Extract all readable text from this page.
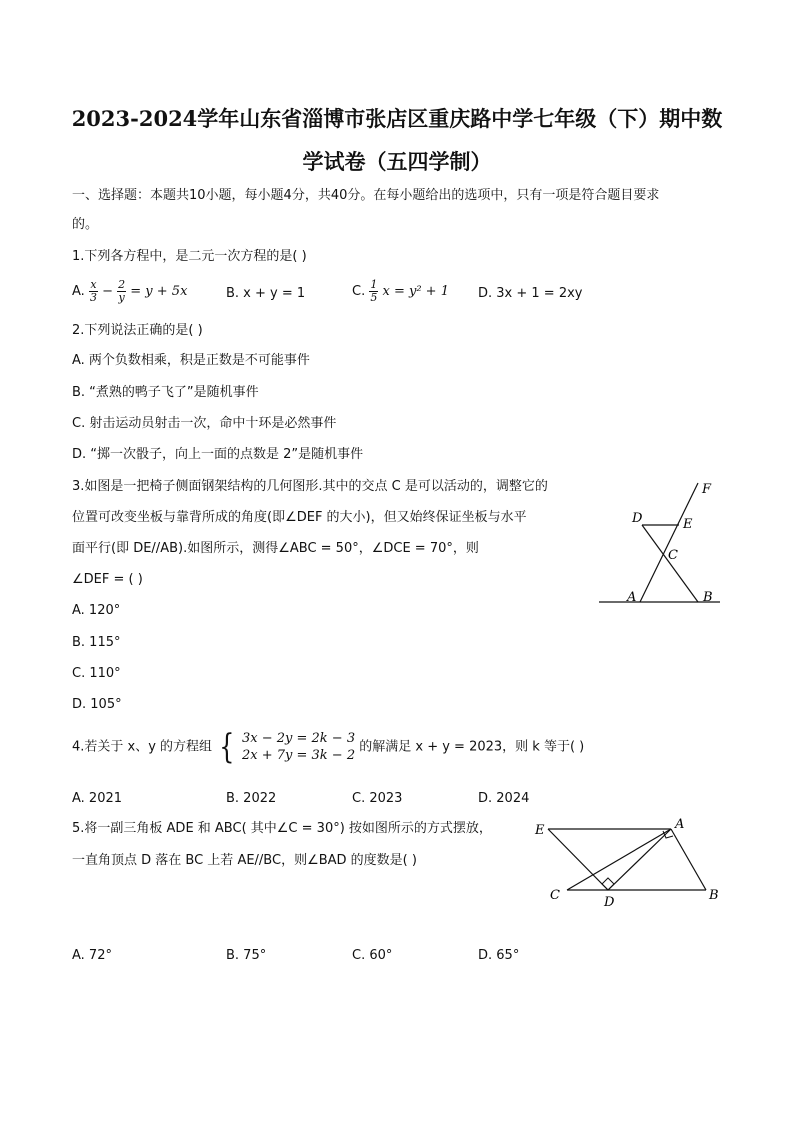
2023-2024学年山东省淄博市张店区重庆路中学七年级（下）期中数
学试卷（五四学制）
一、选择题：本题共10小题，每小题4分，共40分。在每小题给出的选项中，只有一项是符合题目要求
的。
1.下列各方程中，是二元一次方程的是( )
A. $\frac{x}{3} - \frac{2}{y} = y + 5x$	B. x + y = 1	C. $\frac{1}{5}$ x = y² + 1 D. 3x + 1 = 2xy
2.下列说法正确的是( )
A. 两个负数相乘，积是正数是不可能事件
B. “煮熟的鸭子飞了”是随机事件
C. 射击运动员射击一次，命中十环是必然事件
D. “掷一次骰子，向上一面的点数是 2”是随机事件
3.如图是一把椅子侧面钢架结构的几何图形.其中的交点 C 是可以活动的，调整它的
位置可改变坐板与靠背所成的角度(即∠DEF 的大小)，但又始终保证坐板与水平
面平行(即 DE//AB).如图所示，测得∠ABC = 50°，∠DCE = 70°，则
∠DEF = ( )
A. 120°
B. 115°
C. 110°
D. 105°
F
D	E
C
A	B
4.若关于 x、y 的方程组 { 3x − 2y = 2k − 3
2x + 7y = 3k − 2
的解满足 x + y = 2023，则 k 等于( )
A. 2021	B. 2022	C. 2023	D. 2024
5.将一副三角板 ADE 和 ABC( 其中∠C = 30°) 按如图所示的方式摆放，
一直角顶点 D 落在 BC 上若 AE//BC，则∠BAD 的度数是( )
E	A
C	D	B
A. 72°	B. 75°	C. 60°	D. 65°
